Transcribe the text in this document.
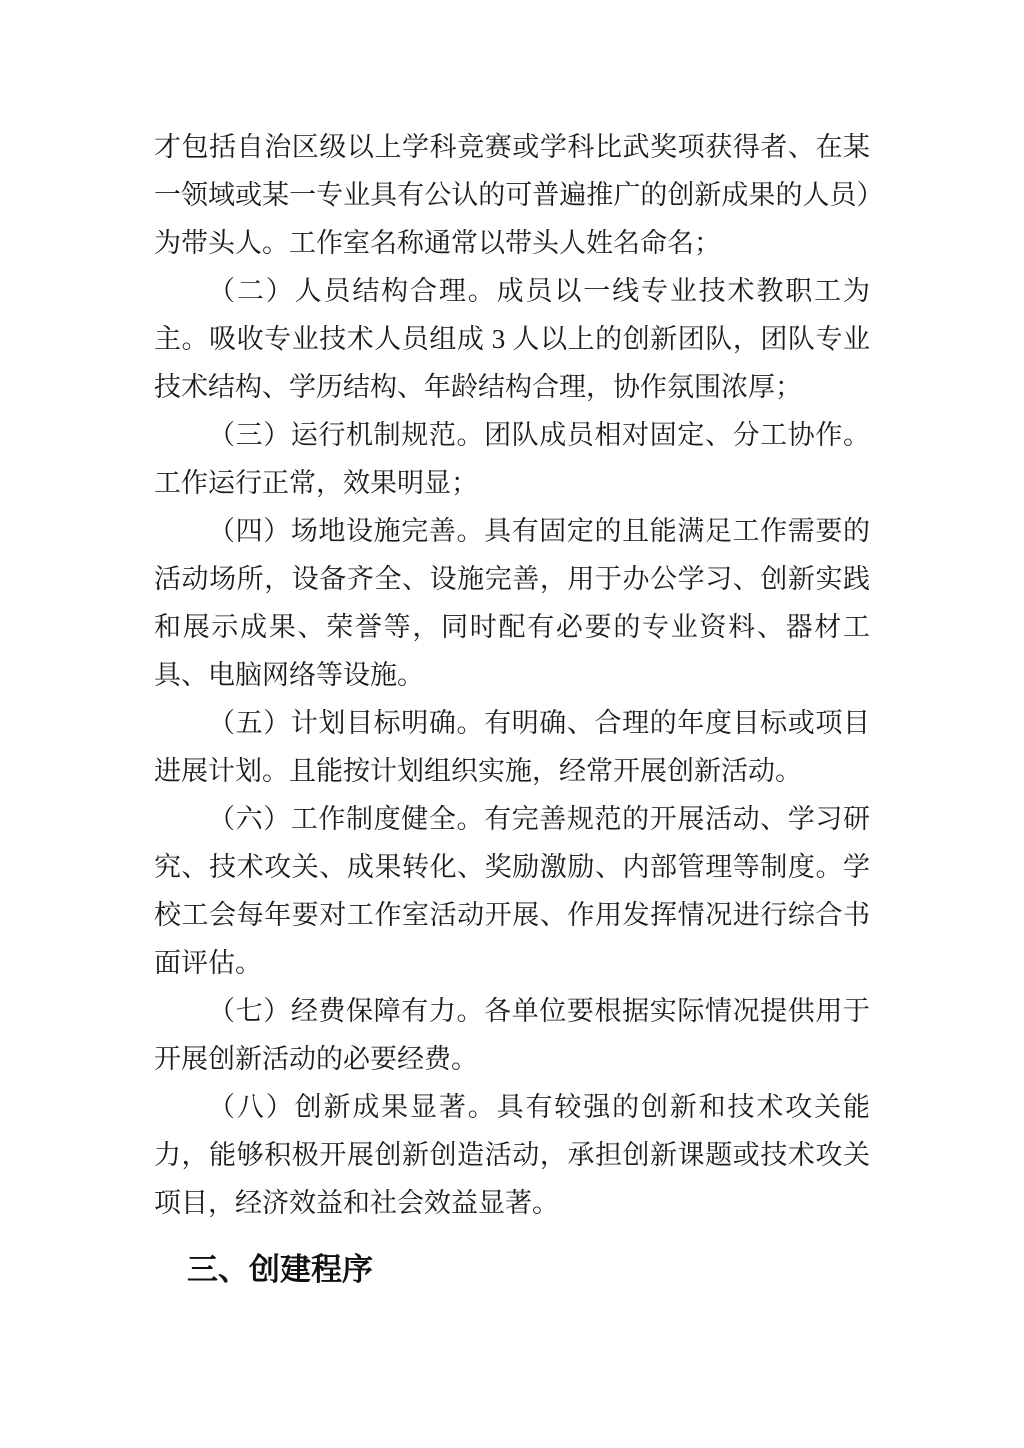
才包括自治区级以上学科竞赛或学科比武奖项获得者、在某一领域或某一专业具有公认的可普遍推广的创新成果的人员）为带头人。工作室名称通常以带头人姓名命名；

（二）人员结构合理。成员以一线专业技术教职工为主。吸收专业技术人员组成 3 人以上的创新团队，团队专业技术结构、学历结构、年龄结构合理，协作氛围浓厚；

（三）运行机制规范。团队成员相对固定、分工协作。工作运行正常，效果明显；

（四）场地设施完善。具有固定的且能满足工作需要的活动场所，设备齐全、设施完善，用于办公学习、创新实践和展示成果、荣誉等，同时配有必要的专业资料、器材工具、电脑网络等设施。

（五）计划目标明确。有明确、合理的年度目标或项目进展计划。且能按计划组织实施，经常开展创新活动。

（六）工作制度健全。有完善规范的开展活动、学习研究、技术攻关、成果转化、奖励激励、内部管理等制度。学校工会每年要对工作室活动开展、作用发挥情况进行综合书面评估。

（七）经费保障有力。各单位要根据实际情况提供用于开展创新活动的必要经费。

（八）创新成果显著。具有较强的创新和技术攻关能力，能够积极开展创新创造活动，承担创新课题或技术攻关项目，经济效益和社会效益显著。

三、创建程序
